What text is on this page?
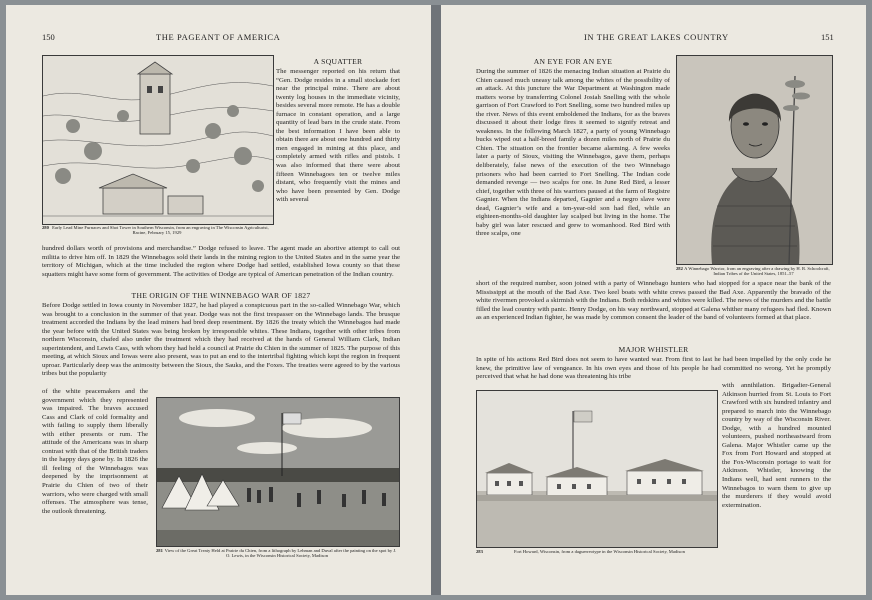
150	THE PAGEANT OF AMERICA
280 Early Lead Mine Furnaces and Shot Tower in Southern Wisconsin, from an engraving in The Wisconsin Agriculturist, Racine, February 15, 1929
A SQUATTER

The messenger reported on his return that “Gen. Dodge resides in a small stockade fort near the principal mine. There are about twenty log houses in the immediate vicinity, besides several more remote. He has a double furnace in constant operation, and a large quantity of lead bars in the crude state. From the best information I have been able to obtain there are about one hundred and thirty men engaged in mining at this place, and completely armed with rifles and pistols. I was also informed that there were about fifteen Winnebagoes ten or twelve miles distant, who frequently visit the mines and who have been presented by Gen. Dodge with several

hundred dollars worth of provisions and merchandise.” Dodge refused to leave. The agent made an abortive attempt to call out militia to drive him off. In 1829 the Winnebagos sold their lands in the mining region to the United States and in the same year the territory of Michigan, which at the time included the region where Dodge had settled, established Iowa county so that these squatters might have some form of government. The activities of Dodge are typical of American penetration of the Indian country.

THE ORIGIN OF THE WINNEBAGO WAR OF 1827

Before Dodge settled in Iowa county in November 1827, he had played a conspicuous part in the so-called Winnebago War, which was brought to a conclusion in the summer of that year. Dodge was not the first trespasser on the Winnebago lands. The brusque treatment accorded the Indians by the lead miners had bred deep resentment. By 1826 the treaty which the Winnebagos had made the year before with the United States was being broken by irresponsible whites. These Indians, together with other tribes from northern Wisconsin, chafed also under the treatment which they had received at the hands of General William Clark, Indian superintendent, and Lewis Cass, with whom they had held a council at Prairie du Chien in the summer of 1825. The purpose of this meeting, at which Sioux and Iowas were also present, was to put an end to the intertribal fighting which kept the region in frequent uproar. Particularly deep was the animosity between the Sioux, the Sauks, and the Foxes. The treaties were agreed to by the various tribes but the popularity

of the white peacemakers and the government which they represented was impaired. The braves accused Cass and Clark of cold formality and with failing to supply them liberally with either presents or rum. The attitude of the Americans was in sharp contrast with that of the British traders in the happy days gone by. In 1826 the ill feeling of the Winnebagos was deepened by the imprisonment at Prairie du Chien of two of their warriors, who were charged with small offenses. The atmosphere was tense, the outlook threatening.

281 View of the Great Treaty Held at Prairie du Chien, from a lithograph by Lehman and Duval after the painting on the spot by J. O. Lewis, in the Wisconsin Historical Society, Madison
IN THE GREAT LAKES COUNTRY	151
AN EYE FOR AN EYE

During the summer of 1826 the menacing Indian situation at Prairie du Chien caused much uneasy talk among the whites of the possibility of an attack. At this juncture the War Department at Washington made matters worse by transferring Colonel Josiah Snelling with the whole garrison of Fort Crawford to Fort Snelling, some two hundred miles up the river. News of this event emboldened the Indians, for as the braves discussed it about their lodge fires it seemed to signify retreat and weakness. In the following March 1827, a party of young Winnebago bucks wiped out a half-breed family a dozen miles north of Prairie du Chien. The situation on the frontier became alarming. A few weeks later a party of Sioux, visiting the Winnebagos, gave them, perhaps deliberately, false news of the execution of the two Winnebago prisoners who had been carried to Fort Snelling. The Indian code demanded revenge — two scalps for one. In June Red Bird, a lesser chief, together with three of his warriors paused at the farm of Registre Gagnier. When the Indians departed, Gagnier and a negro slave were dead, Gagnier’s wife and a ten-year-old son had fled, while an eighteen-months-old daughter lay scalped but living in the home. The baby girl was later rescued and grew to womanhood. Red Bird with three scalps, one

282 A Winnebago Warrior, from an engraving after a drawing by H. R. Schoolcraft, Indian Tribes of the United States, 1851–57

short of the required number, soon joined with a party of Winnebago hunters who had stopped for a space near the bank of the Mississippi at the mouth of the Bad Axe. Two keel boats with white crews passed the Bad Axe. Apparently the bravado of the white rivermen provoked a skirmish with the Indians. Both redskins and whites were killed. The news of the murders and the battle filled the lead country with panic. Henry Dodge, on his way northward, stopped at Galena whither many refugees had fled. Known as an experienced Indian fighter, he was made by common consent the leader of the band of volunteers formed at that place.

MAJOR WHISTLER

In spite of his actions Red Bird does not seem to have wanted war. From first to last he had been impelled by the only code he knew, the primitive law of vengeance. In his own eyes and those of his people he had committed no wrong. Yet he promptly perceived that what he had done was threatening his tribe

283	Fort Howard, Wisconsin, from a daguerreotype in the Wisconsin Historical Society, Madison

with annihilation. Brigadier-General Atkinson hurried from St. Louis to Fort Crawford with six hundred infantry and prepared to march into the Winnebago country by way of the Wisconsin River. Dodge, with a hundred mounted volunteers, pushed northeastward from Galena. Major Whistler came up the Fox from Fort Howard and stopped at the Fox-Wisconsin portage to wait for Atkinson. Whistler, knowing the Indians well, had sent runners to the Winnebagos to warn them to give up the murderers if they would avoid extermination.
